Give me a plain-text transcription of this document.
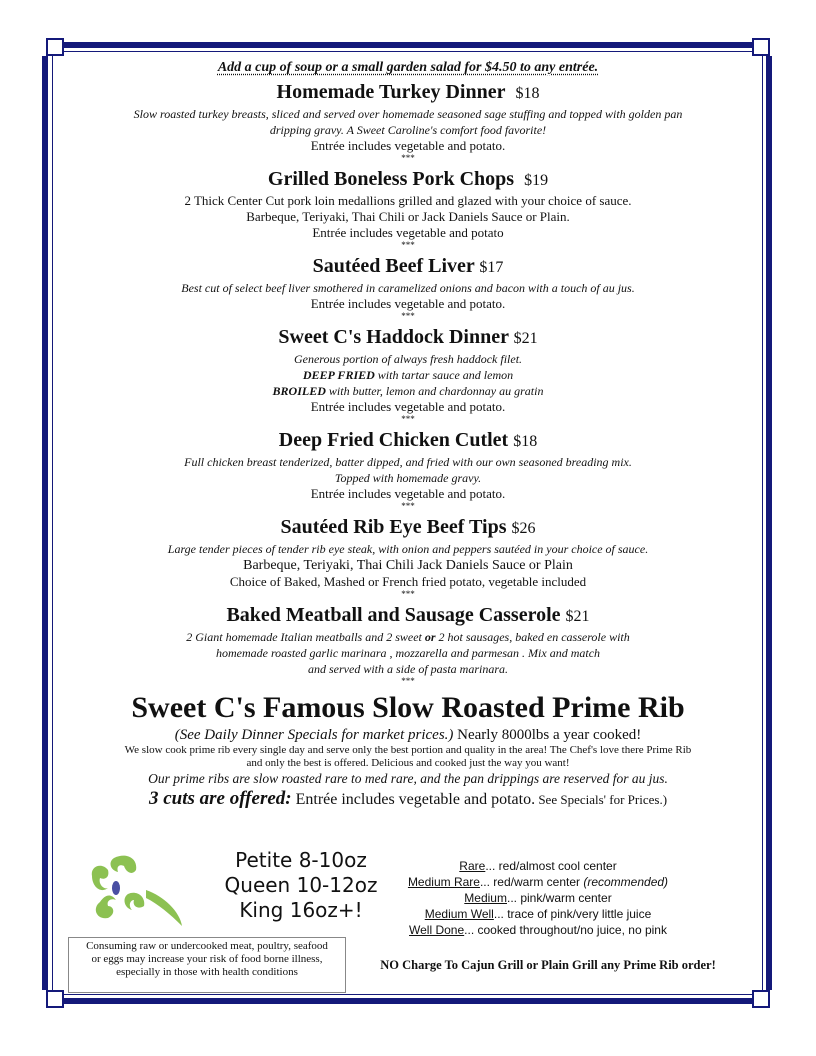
Add a cup of soup or a small garden salad for $4.50 to any entrée.
Homemade Turkey Dinner $18
Slow roasted turkey breasts, sliced and served over homemade seasoned sage stuffing and topped with golden pan
dripping gravy. A Sweet Caroline's comfort food favorite!
Entrée includes vegetable and potato.
***
Grilled Boneless Pork Chops $19
2 Thick Center Cut pork loin medallions grilled and glazed with your choice of sauce.
Barbeque, Teriyaki, Thai Chili or Jack Daniels Sauce or Plain.
Entrée includes vegetable and potato
***
Sautéed Beef Liver $17
Best cut of select beef liver smothered in caramelized onions and bacon with a touch of au jus.
Entrée includes vegetable and potato.
***
Sweet C's Haddock Dinner $21
Generous portion of always fresh haddock filet.
DEEP FRIED with tartar sauce and lemon
BROILED with butter, lemon and chardonnay au gratin
Entrée includes vegetable and potato.
***
Deep Fried Chicken Cutlet $18
Full chicken breast tenderized, batter dipped, and fried with our own seasoned breading mix.
Topped with homemade gravy.
Entrée includes vegetable and potato.
***
Sautéed Rib Eye Beef Tips $26
Large tender pieces of tender rib eye steak, with onion and peppers sautéed in your choice of sauce.
Barbeque, Teriyaki, Thai Chili Jack Daniels Sauce or Plain
Choice of Baked, Mashed or French fried potato, vegetable included
***
Baked Meatball and Sausage Casserole $21
2 Giant homemade Italian meatballs and 2 sweet or 2 hot sausages, baked en casserole with
homemade roasted garlic marinara , mozzarella and parmesan . Mix and match
and served with a side of pasta marinara.
***
Sweet C's Famous Slow Roasted Prime Rib
(See Daily Dinner Specials for market prices.) Nearly 8000lbs a year cooked!
We slow cook prime rib every single day and serve only the best portion and quality in the area! The Chef's love there Prime Rib
and only the best is offered. Delicious and cooked just the way you want!
Our prime ribs are slow roasted rare to med rare, and the pan drippings are reserved for au jus.
3 cuts are offered: Entrée includes vegetable and potato. See Specials' for Prices.)
Petite 8-10oz
Queen 10-12oz
King 16oz+!
Rare... red/almost cool center
Medium Rare... red/warm center (recommended)
Medium... pink/warm center
Medium Well... trace of pink/very little juice
Well Done... cooked throughout/no juice, no pink
Consuming raw or undercooked meat, poultry, seafood
or eggs may increase your risk of food borne illness,
especially in those with health conditions	NO Charge To Cajun Grill or Plain Grill any Prime Rib order!
